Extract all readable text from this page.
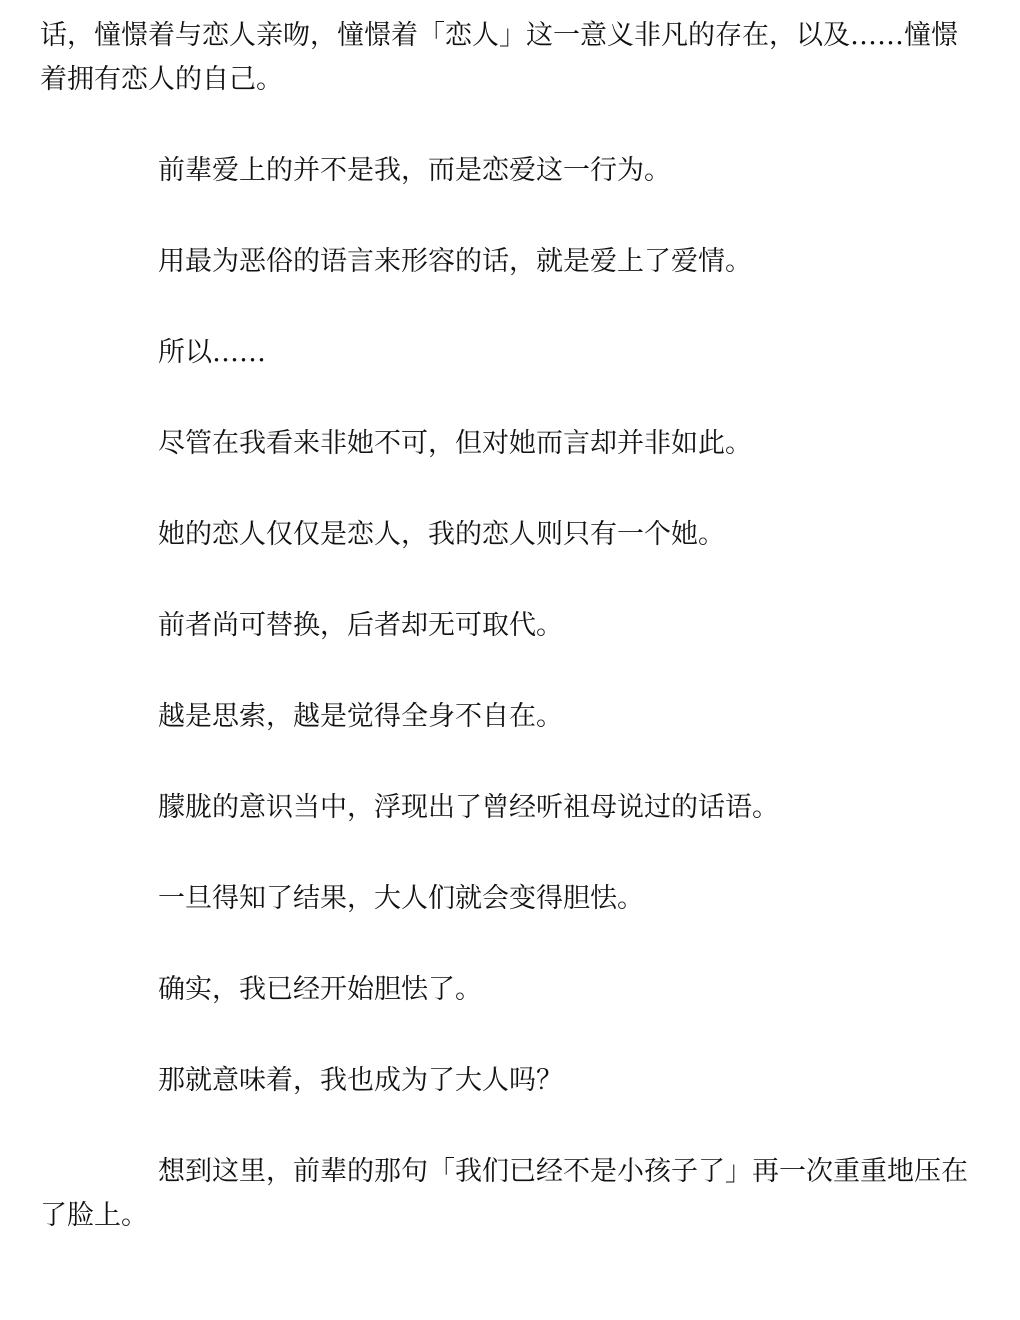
话，憧憬着与恋人亲吻，憧憬着「恋人」这一意义非凡的存在，以及……憧憬着拥有恋人的自己。

前辈爱上的并不是我，而是恋爱这一行为。

用最为恶俗的语言来形容的话，就是爱上了爱情。

所以……

尽管在我看来非她不可，但对她而言却并非如此。

她的恋人仅仅是恋人，我的恋人则只有一个她。

前者尚可替换，后者却无可取代。

越是思索，越是觉得全身不自在。

朦胧的意识当中，浮现出了曾经听祖母说过的话语。

一旦得知了结果，大人们就会变得胆怯。

确实，我已经开始胆怯了。

那就意味着，我也成为了大人吗？

想到这里，前辈的那句「我们已经不是小孩子了」再一次重重地压在了脸上。
